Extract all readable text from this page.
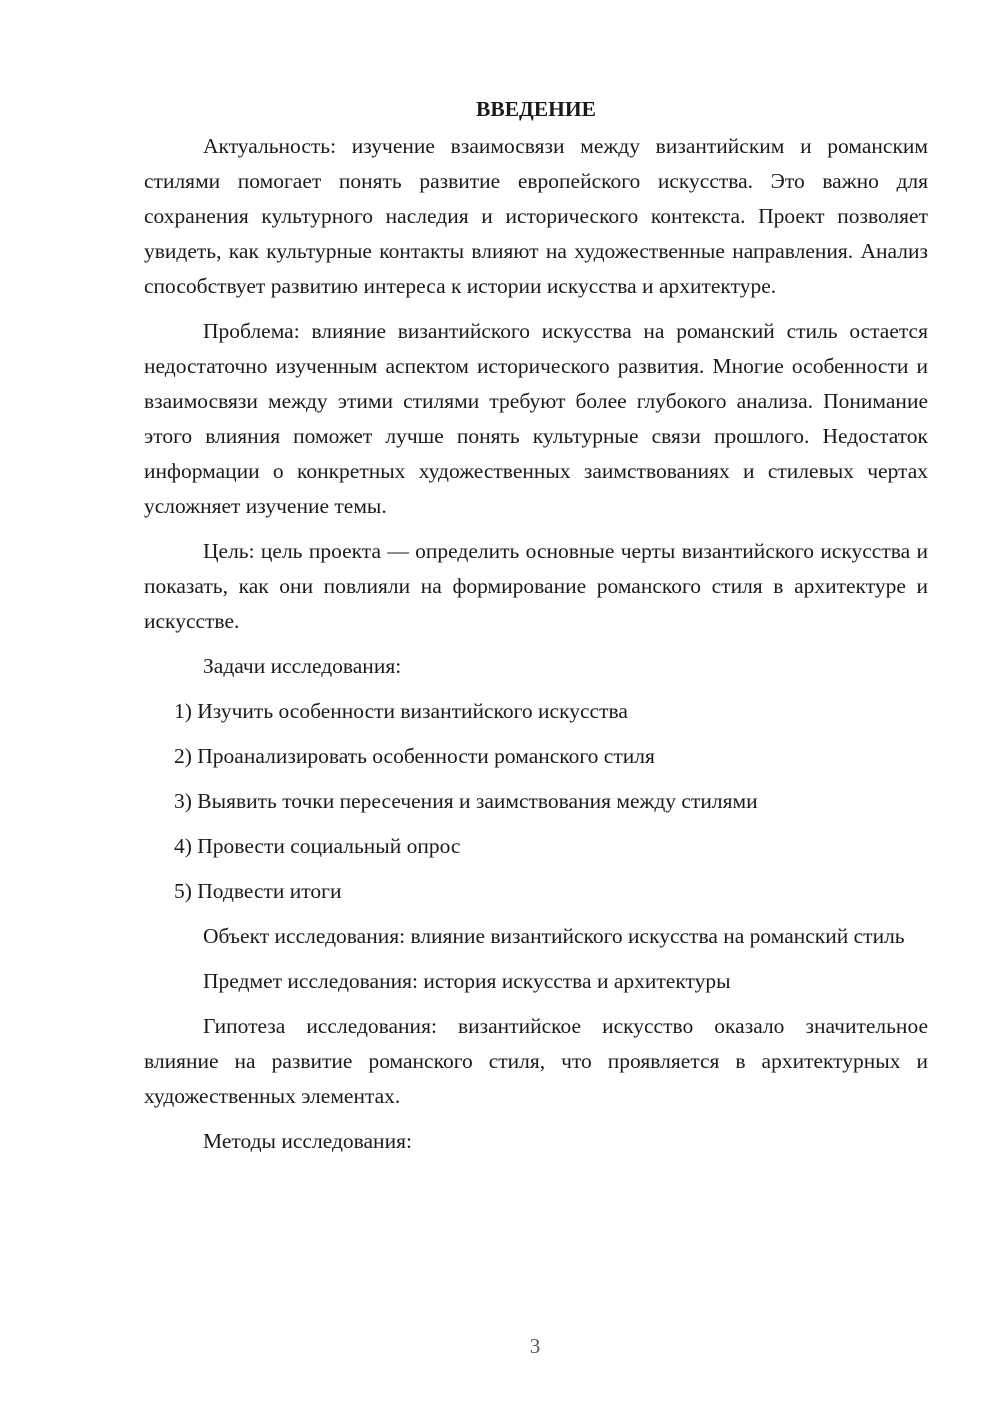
ВВЕДЕНИЕ

Актуальность: изучение взаимосвязи между византийским и романским стилями помогает понять развитие европейского искусства. Это важно для сохранения культурного наследия и исторического контекста. Проект позволяет увидеть, как культурные контакты влияют на художественные направления. Анализ способствует развитию интереса к истории искусства и архитектуре.

Проблема: влияние византийского искусства на романский стиль остается недостаточно изученным аспектом исторического развития. Многие особенности и взаимосвязи между этими стилями требуют более глубокого анализа. Понимание этого влияния поможет лучше понять культурные связи прошлого. Недостаток информации о конкретных художественных заимствованиях и стилевых чертах усложняет изучение темы.

Цель: цель проекта — определить основные черты византийского искусства и показать, как они повлияли на формирование романского стиля в архитектуре и искусстве.

Задачи исследования:

1) Изучить особенности византийского искусства

2) Проанализировать особенности романского стиля

3) Выявить точки пересечения и заимствования между стилями

4) Провести социальный опрос

5) Подвести итоги

Объект исследования: влияние византийского искусства на романский стиль

Предмет исследования: история искусства и архитектуры

Гипотеза исследования: византийское искусство оказало значительное влияние на развитие романского стиля, что проявляется в архитектурных и художественных элементах.

Методы исследования:

3
